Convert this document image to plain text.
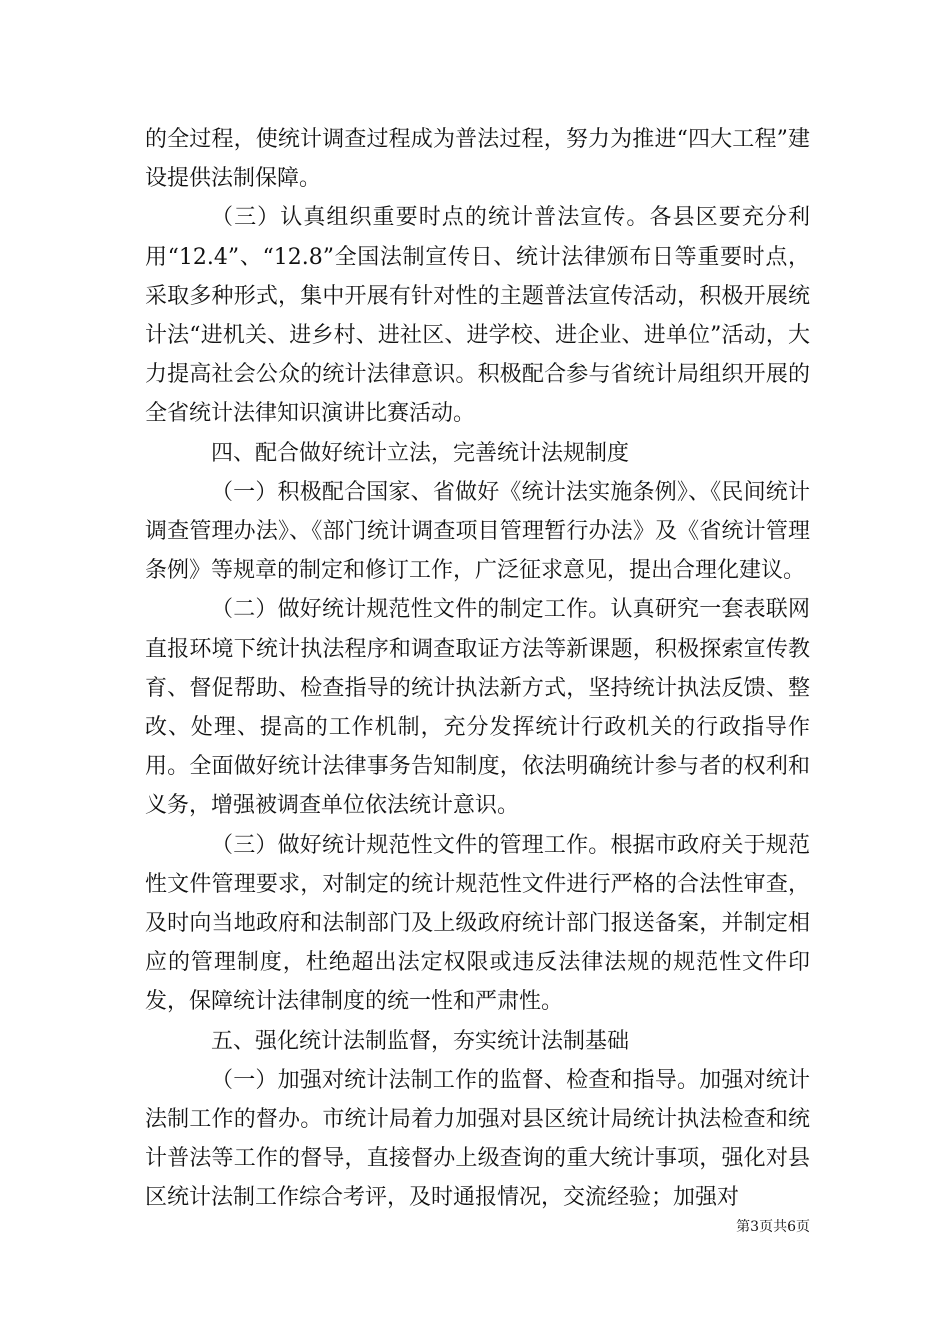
的全过程，使统计调查过程成为普法过程，努力为推进“四大工程”建设提供法制保障。

（三）认真组织重要时点的统计普法宣传。各县区要充分利用“12.4”、“12.8”全国法制宣传日、统计法律颁布日等重要时点，采取多种形式，集中开展有针对性的主题普法宣传活动，积极开展统计法“进机关、进乡村、进社区、进学校、进企业、进单位”活动，大力提高社会公众的统计法律意识。积极配合参与省统计局组织开展的全省统计法律知识演讲比赛活动。

四、配合做好统计立法，完善统计法规制度

（一）积极配合国家、省做好《统计法实施条例》、《民间统计调查管理办法》、《部门统计调查项目管理暂行办法》及《省统计管理条例》等规章的制定和修订工作，广泛征求意见，提出合理化建议。

（二）做好统计规范性文件的制定工作。认真研究一套表联网直报环境下统计执法程序和调查取证方法等新课题，积极探索宣传教育、督促帮助、检查指导的统计执法新方式，坚持统计执法反馈、整改、处理、提高的工作机制，充分发挥统计行政机关的行政指导作用。全面做好统计法律事务告知制度，依法明确统计参与者的权利和义务，增强被调查单位依法统计意识。

（三）做好统计规范性文件的管理工作。根据市政府关于规范性文件管理要求，对制定的统计规范性文件进行严格的合法性审查，及时向当地政府和法制部门及上级政府统计部门报送备案，并制定相应的管理制度，杜绝超出法定权限或违反法律法规的规范性文件印发，保障统计法律制度的统一性和严肃性。

五、强化统计法制监督，夯实统计法制基础

（一）加强对统计法制工作的监督、检查和指导。加强对统计法制工作的督办。市统计局着力加强对县区统计局统计执法检查和统计普法等工作的督导，直接督办上级查询的重大统计事项，强化对县区统计法制工作综合考评，及时通报情况，交流经验；加强对

第3页共6页
